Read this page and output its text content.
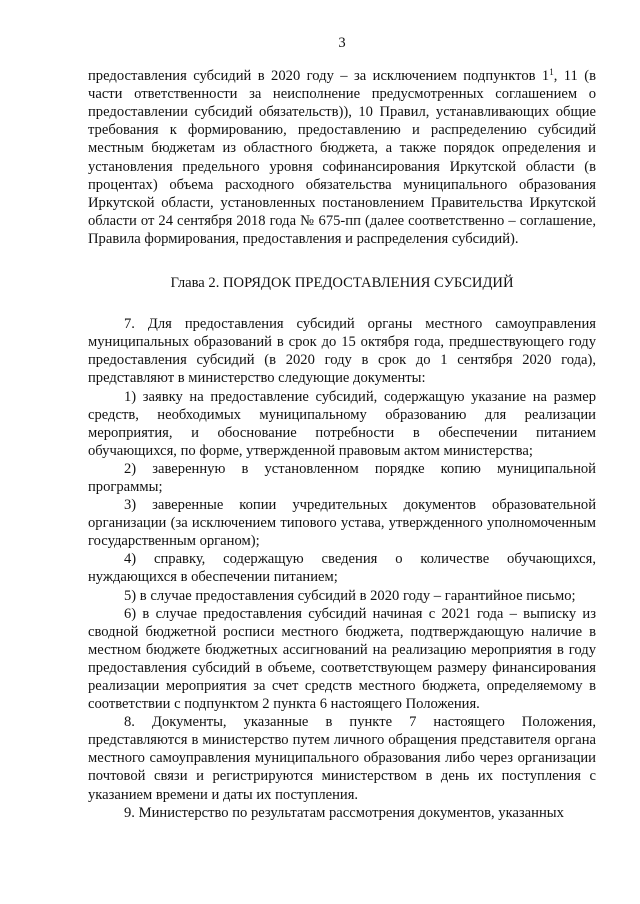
3

предоставления субсидий в 2020 году – за исключением подпунктов $1^1$, 11 (в части ответственности за неисполнение предусмотренных соглашением о предоставлении субсидий обязательств)), 10 Правил, устанавливающих общие требования к формированию, предоставлению и распределению субсидий местным бюджетам из областного бюджета, а также порядок определения и установления предельного уровня софинансирования Иркутской области (в процентах) объема расходного обязательства муниципального образования Иркутской области, установленных постановлением Правительства Иркутской области от 24 сентября 2018 года № 675-пп (далее соответственно – соглашение, Правила формирования, предоставления и распределения субсидий).

Глава 2. ПОРЯДОК ПРЕДОСТАВЛЕНИЯ СУБСИДИЙ

7. Для предоставления субсидий органы местного самоуправления муниципальных образований в срок до 15 октября года, предшествующего году предоставления субсидий (в 2020 году в срок до 1 сентября 2020 года), представляют в министерство следующие документы:

1) заявку на предоставление субсидий, содержащую указание на размер средств, необходимых муниципальному образованию для реализации мероприятия, и обоснование потребности в обеспечении питанием обучающихся, по форме, утвержденной правовым актом министерства;

2) заверенную в установленном порядке копию муниципальной программы;

3) заверенные копии учредительных документов образовательной организации (за исключением типового устава, утвержденного уполномоченным государственным органом);

4) справку, содержащую сведения о количестве обучающихся, нуждающихся в обеспечении питанием;

5) в случае предоставления субсидий в 2020 году – гарантийное письмо;

6) в случае предоставления субсидий начиная с 2021 года – выписку из сводной бюджетной росписи местного бюджета, подтверждающую наличие в местном бюджете бюджетных ассигнований на реализацию мероприятия в году предоставления субсидий в объеме, соответствующем размеру финансирования реализации мероприятия за счет средств местного бюджета, определяемому в соответствии с подпунктом 2 пункта 6 настоящего Положения.

8. Документы, указанные в пункте 7 настоящего Положения, представляются в министерство путем личного обращения представителя органа местного самоуправления муниципального образования либо через организации почтовой связи и регистрируются министерством в день их поступления с указанием времени и даты их поступления.

9. Министерство по результатам рассмотрения документов, указанных
